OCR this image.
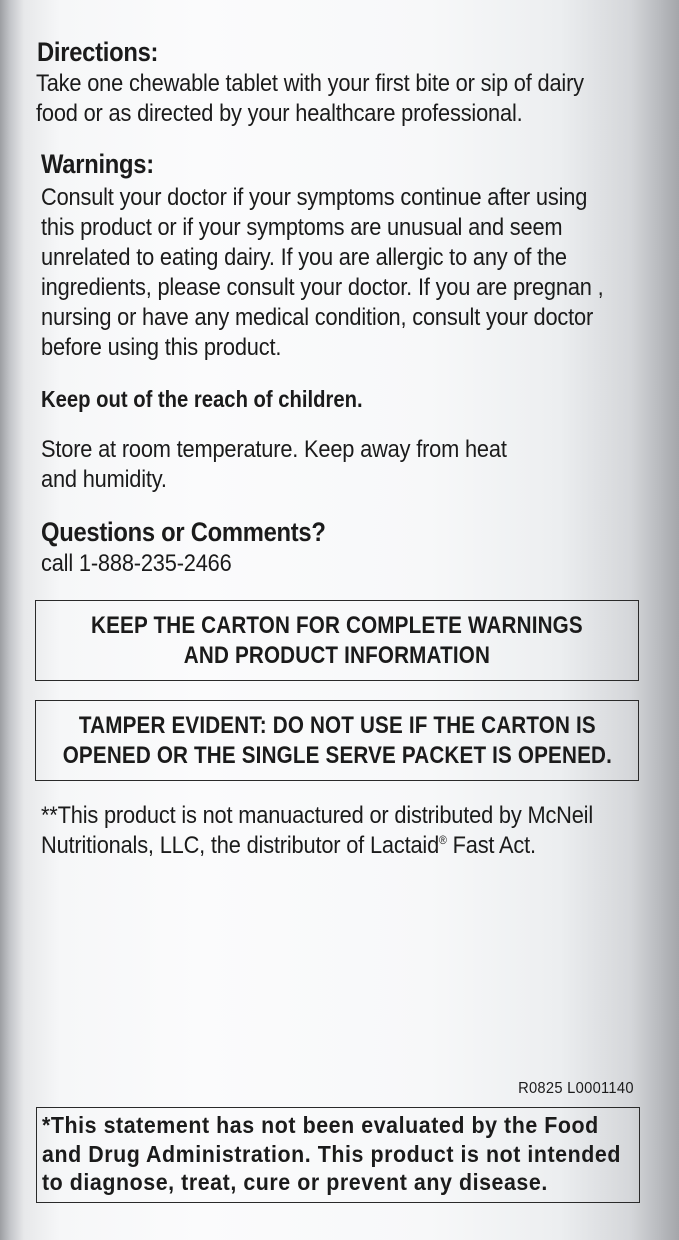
Directions:

Take one chewable tablet with your first bite or sip of dairy
food or as directed by your healthcare professional.

Warnings:

Consult your doctor if your symptoms continue after using
this product or if your symptoms are unusual and seem
unrelated to eating dairy. If you are allergic to any of the
ingredients, please consult your doctor. If you are pregnan ,
nursing or have any medical condition, consult your doctor
before using this product.

Keep out of the reach of children.

Store at room temperature. Keep away from heat
and humidity.

Questions or Comments?

call 1-888-235-2466

KEEP THE CARTON FOR COMPLETE WARNINGS
AND PRODUCT INFORMATION
TAMPER EVIDENT: DO NOT USE IF THE CARTON IS
OPENED OR THE SINGLE SERVE PACKET IS OPENED.

**This product is not manuactured or distributed by McNeil
Nutritionals, LLC, the distributor of Lactaid® Fast Act.

R0825 L0001140
*This statement has not been evaluated by the Food
and Drug Administration. This product is not intended
to diagnose, treat, cure or prevent any disease.
